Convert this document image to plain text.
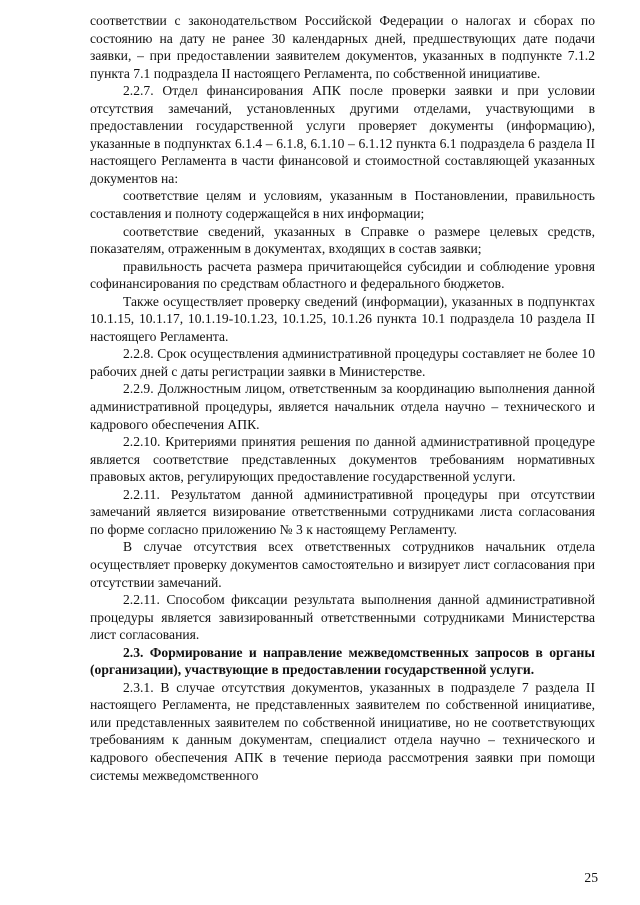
соответствии с законодательством Российской Федерации о налогах и сборах по состоянию на дату не ранее 30 календарных дней, предшествующих дате подачи заявки, – при предоставлении заявителем документов, указанных в подпункте 7.1.2 пункта 7.1 подраздела II настоящего Регламента, по собственной инициативе.

2.2.7. Отдел финансирования АПК после проверки заявки и при условии отсутствия замечаний, установленных другими отделами, участвующими в предоставлении государственной услуги проверяет документы (информацию), указанные в подпунктах 6.1.4 – 6.1.8, 6.1.10 – 6.1.12 пункта 6.1 подраздела 6 раздела II настоящего Регламента в части финансовой и стоимостной составляющей указанных документов на:

соответствие целям и условиям, указанным в Постановлении, правильность составления и полноту содержащейся в них информации;

соответствие сведений, указанных в Справке о размере целевых средств, показателям, отраженным в документах, входящих в состав заявки;

правильность расчета размера причитающейся субсидии и соблюдение уровня софинансирования по средствам областного и федерального бюджетов.

Также осуществляет проверку сведений (информации), указанных в подпунктах 10.1.15, 10.1.17, 10.1.19-10.1.23, 10.1.25, 10.1.26 пункта 10.1 подраздела 10 раздела II настоящего Регламента.

2.2.8. Срок осуществления административной процедуры составляет не более 10 рабочих дней с даты регистрации заявки в Министерстве.

2.2.9. Должностным лицом, ответственным за координацию выполнения данной административной процедуры, является начальник отдела научно – технического и кадрового обеспечения АПК.

2.2.10. Критериями принятия решения по данной административной процедуре является соответствие представленных документов требованиям нормативных правовых актов, регулирующих предоставление государственной услуги.

2.2.11. Результатом данной административной процедуры при отсутствии замечаний является визирование ответственными сотрудниками листа согласования по форме согласно приложению № 3 к настоящему Регламенту.

В случае отсутствия всех ответственных сотрудников начальник отдела осуществляет проверку документов самостоятельно и визирует лист согласования при отсутствии замечаний.

2.2.11. Способом фиксации результата выполнения данной административной процедуры является завизированный ответственными сотрудниками Министерства лист согласования.

2.3. Формирование и направление межведомственных запросов в органы (организации), участвующие в предоставлении государственной услуги.

2.3.1. В случае отсутствия документов, указанных в подразделе 7 раздела II настоящего Регламента, не представленных заявителем по собственной инициативе, или представленных заявителем по собственной инициативе, но не соответствующих требованиям к данным документам, специалист отдела научно – технического и кадрового обеспечения АПК в течение периода рассмотрения заявки при помощи системы межведомственного

25
